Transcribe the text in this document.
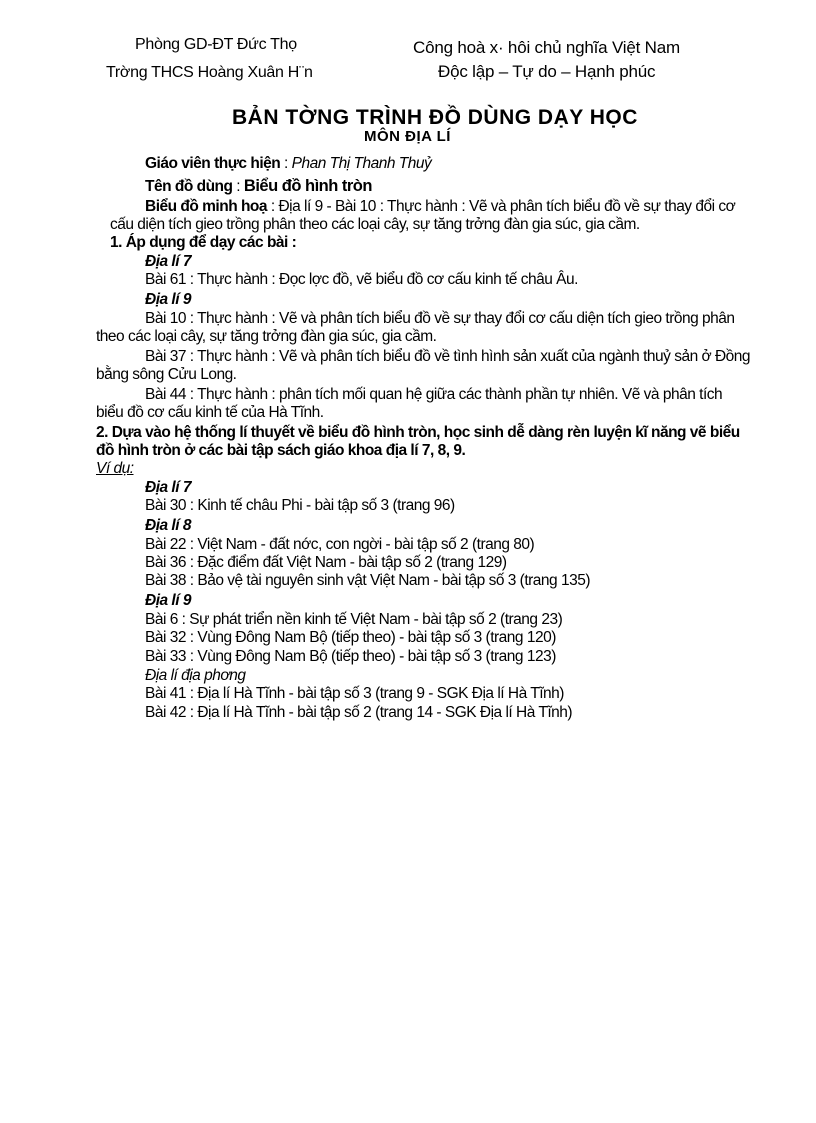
Phòng GD-ĐT Đức Thọ
Trờng THCS Hoàng Xuân H¨n
Công hoà x· hôi chủ nghĩa Việt Nam
Độc lập – Tự do – Hạnh phúc
BẢN TỜNG TRÌNH ĐỒ DÙNG DẠY HỌC
MÔN ĐỊA LÍ
Giáo viên thực hiện : Phan Thị Thanh Thuỷ
Tên đồ dùng : Biểu đồ hình tròn
Biểu đồ minh hoạ : Địa lí 9 - Bài 10 : Thực hành : Vẽ và phân tích biểu đồ về sự thay đổi cơ
cấu diện tích gieo trồng phân theo các loại cây, sự tăng trởng đàn gia súc, gia cầm.
1. Áp dụng để dạy các bài :
Địa lí 7
Bài 61 : Thực hành : Đọc lợc đồ, vẽ biểu đồ cơ cấu kinh tế châu Âu.
Địa lí 9
Bài 10 : Thực hành : Vẽ và phân tích biểu đồ về sự thay đổi cơ cấu diện tích gieo trồng phân
theo các loại cây, sự tăng trởng đàn gia súc, gia cầm.
Bài 37 : Thực hành : Vẽ và phân tích biểu đồ về tình hình sản xuất của ngành thuỷ sản ở Đồng
bằng sông Cửu Long.
Bài 44 : Thực hành : phân tích mối quan hệ giữa các thành phần tự nhiên. Vẽ và phân tích
biểu đồ cơ cấu kinh tế của Hà Tĩnh.
2. Dựa vào hệ thống lí thuyết về biểu đồ hình tròn, học sinh dễ dàng rèn luyện kĩ năng vẽ biểu
đồ hình tròn ở các bài tập sách giáo khoa địa lí 7, 8, 9.
Ví dụ:
Địa lí 7
Bài 30 : Kinh tế châu Phi - bài tập số 3 (trang 96)
Địa lí 8
Bài 22 : Việt Nam - đất nớc, con ngời - bài tập số 2 (trang 80)
Bài 36 : Đặc điểm đất Việt Nam - bài tập số 2 (trang 129)
Bài 38 : Bảo vệ tài nguyên sinh vật Việt Nam - bài tập số 3 (trang 135)
Địa lí 9
Bài 6 : Sự phát triển nền kinh tế Việt Nam - bài tập số 2 (trang 23)
Bài 32 : Vùng Đông Nam Bộ (tiếp theo) - bài tập số 3 (trang 120)
Bài 33 : Vùng Đông Nam Bộ (tiếp theo) - bài tập số 3 (trang 123)
Địa lí địa phơng
Bài 41 : Địa lí Hà Tĩnh - bài tập số 3 (trang 9 - SGK Địa lí Hà Tĩnh)
Bài 42 : Địa lí Hà Tĩnh - bài tập số 2 (trang 14 - SGK Địa lí Hà Tĩnh)
